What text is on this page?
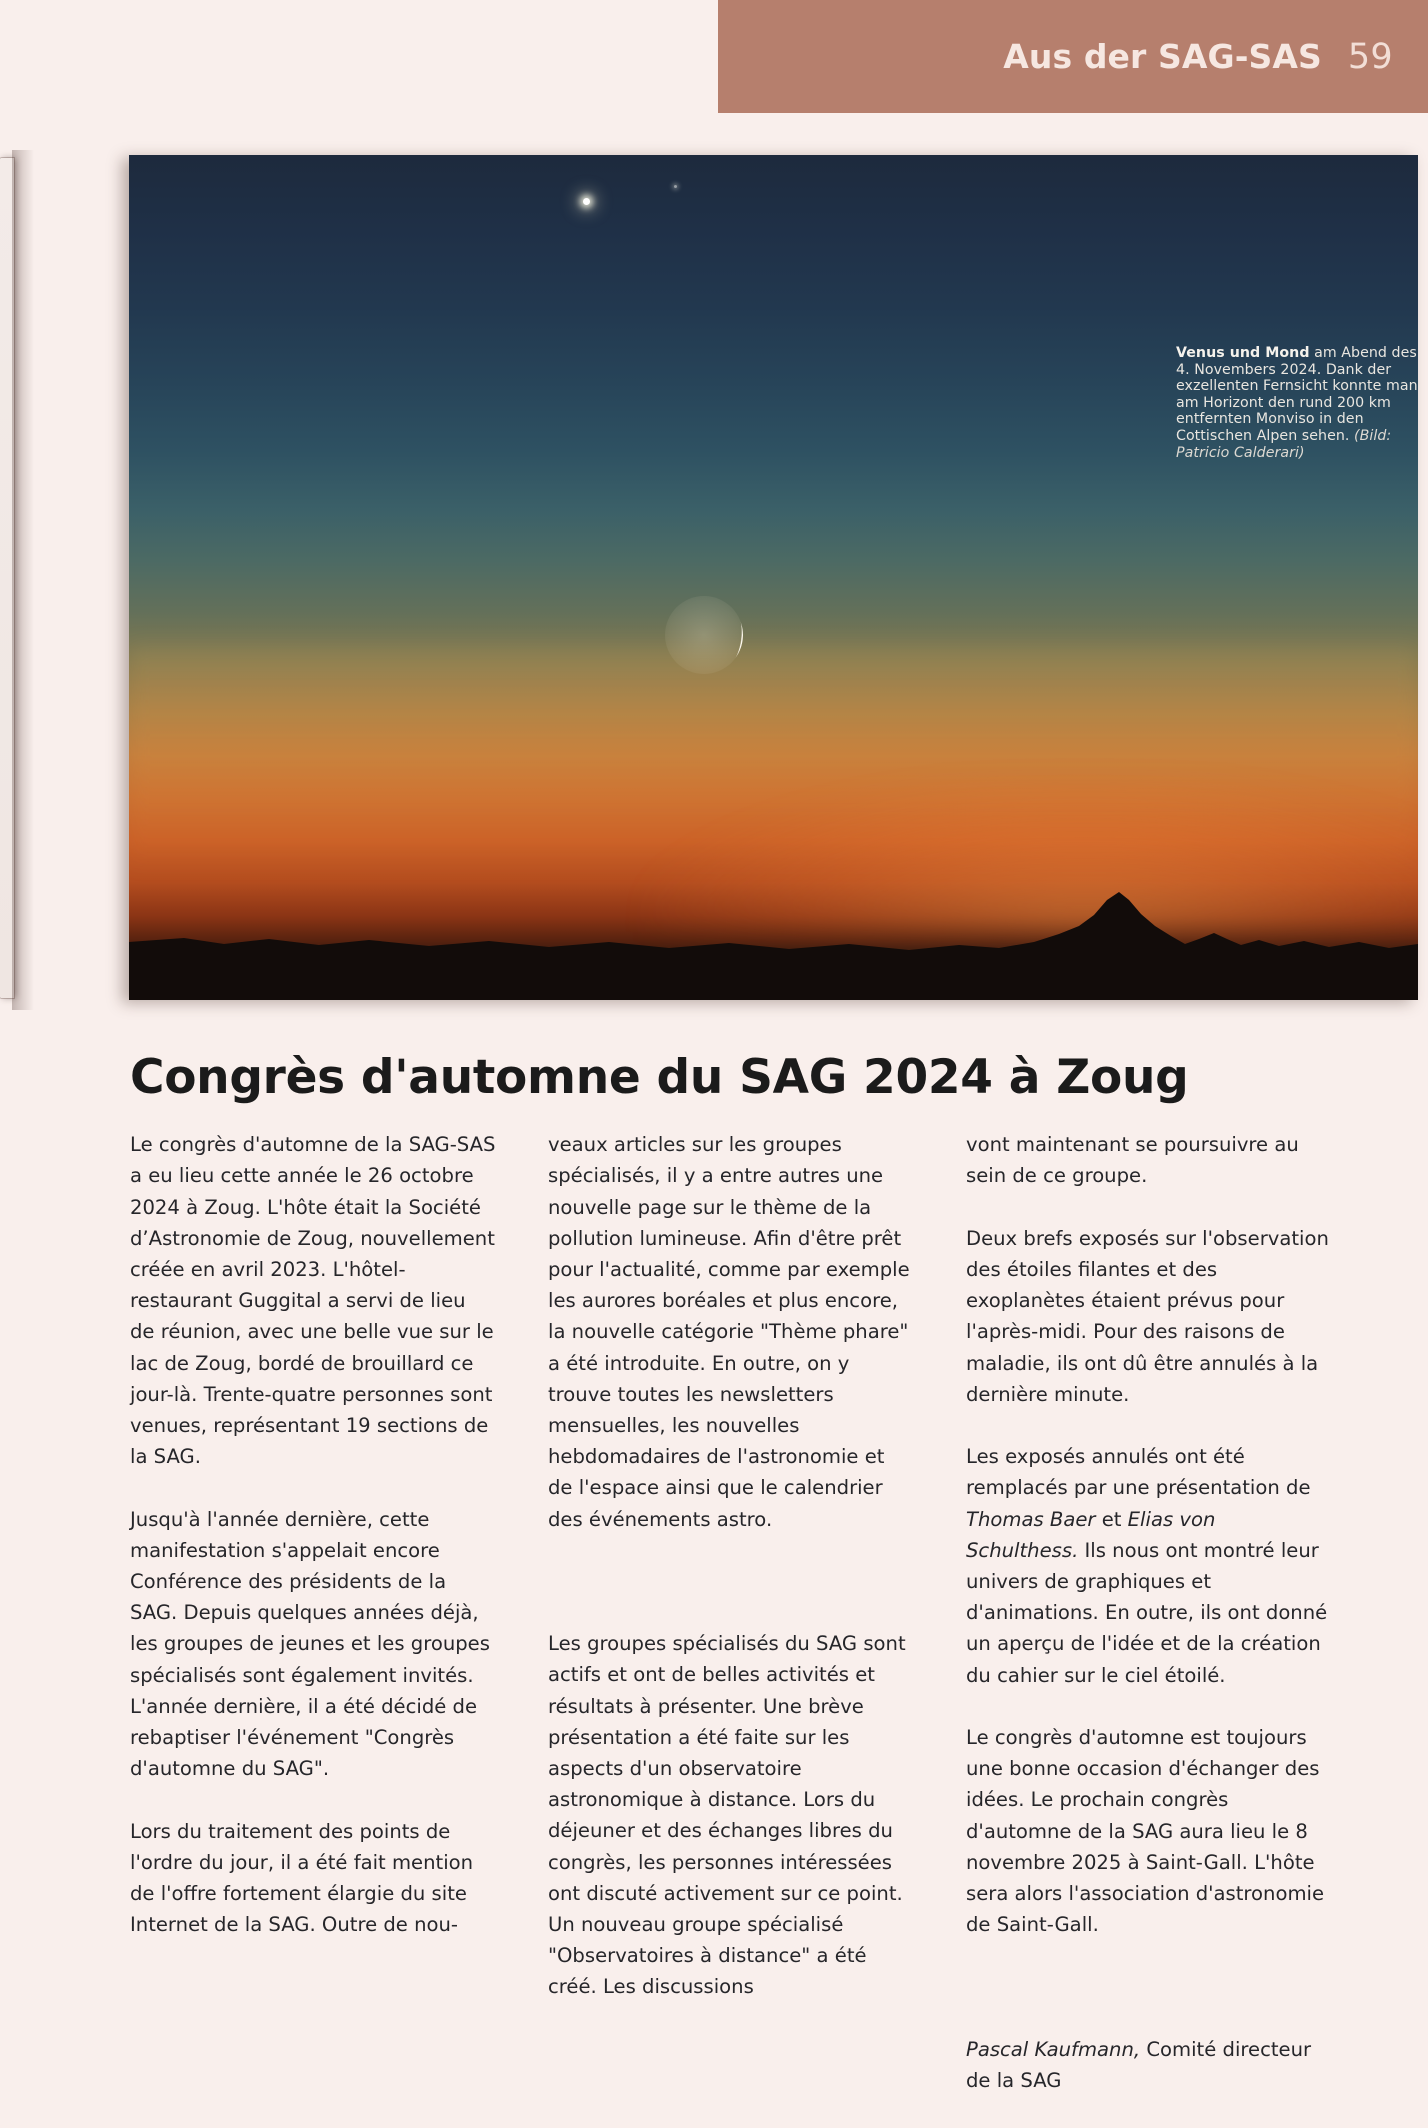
Aus der SAG-SAS 59
Venus und Mond am Abend des 4. Novembers 2024. Dank der exzellenten Fernsicht konnte man am Horizont den rund 200 km entfernten Monviso in den Cottischen Alpen sehen. (Bild: Patricio Calderari)
Congrès d'automne du SAG 2024 à Zoug

Le congrès d'automne de la SAG-SAS a eu lieu cette année le 26 octobre 2024 à Zoug. L'hôte était la Société d’Astronomie de Zoug, nouvellement créée en avril 2023. L'hôtel-restaurant Guggital a servi de lieu de réunion, avec une belle vue sur le lac de Zoug, bordé de brouillard ce jour-là. Trente-quatre personnes sont venues, représentant 19 sections de la SAG.

Jusqu'à l'année dernière, cette manifestation s'appelait encore Conférence des présidents de la SAG. Depuis quelques années déjà, les groupes de jeunes et les groupes spécialisés sont également invités. L'année dernière, il a été décidé de rebaptiser l'événement "Congrès d'automne du SAG".

Lors du traitement des points de l'ordre du jour, il a été fait mention de l'offre fortement élargie du site Internet de la SAG. Outre de nou-

veaux articles sur les groupes spécialisés, il y a entre autres une nouvelle page sur le thème de la pollution lumineuse. Afin d'être prêt pour l'actualité, comme par exemple les aurores boréales et plus encore, la nouvelle catégorie "Thème phare" a été introduite. En outre, on y trouve toutes les newsletters mensuelles, les nouvelles hebdomadaires de l'astronomie et de l'espace ainsi que le calendrier des événements astro.

Les groupes spécialisés du SAG sont actifs et ont de belles activités et résultats à présenter. Une brève présentation a été faite sur les aspects d'un observatoire astronomique à distance. Lors du déjeuner et des échanges libres du congrès, les personnes intéressées ont discuté activement sur ce point. Un nouveau groupe spécialisé "Observatoires à distance" a été créé. Les discussions

vont maintenant se poursuivre au sein de ce groupe.

Deux brefs exposés sur l'observation des étoiles filantes et des exoplanètes étaient prévus pour l'après-midi. Pour des raisons de maladie, ils ont dû être annulés à la dernière minute.

Les exposés annulés ont été remplacés par une présentation de Thomas Baer et Elias von Schulthess. Ils nous ont montré leur univers de graphiques et d'animations. En outre, ils ont donné un aperçu de l'idée et de la création du cahier sur le ciel étoilé.

Le congrès d'automne est toujours une bonne occasion d'échanger des idées. Le prochain congrès d'automne de la SAG aura lieu le 8 novembre 2025 à Saint-Gall. L'hôte sera alors l'association d'astronomie de Saint-Gall.

Pascal Kaufmann, Comité directeur de la SAG
